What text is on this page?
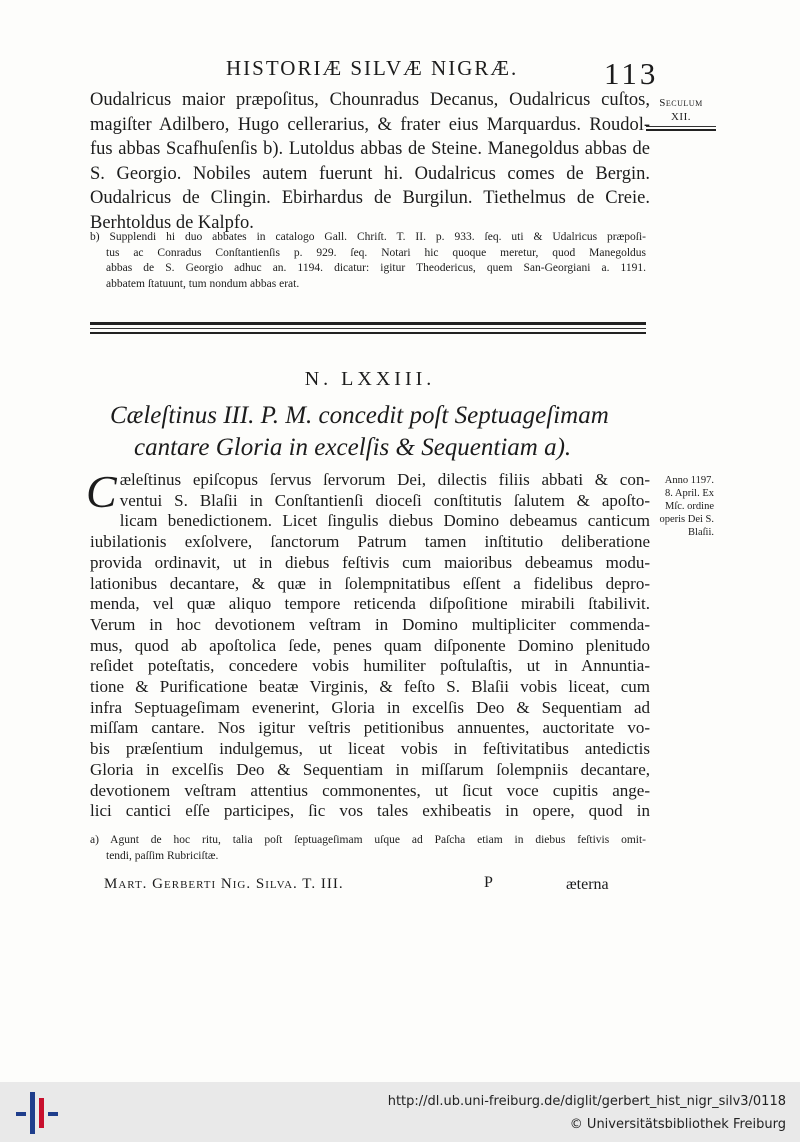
HISTORIÆ SILVÆ NIGRÆ.	113
Seculum
XII.
Oudalricus maior præpoſitus, Chounradus Decanus, Oudalricus cuſtos,
magiſter Adilbero, Hugo cellerarius, & frater eius Marquardus. Roudol-
fus abbas Scafhuſenſis b). Lutoldus abbas de Steine. Manegoldus abbas de
S. Georgio. Nobiles autem fuerunt hi. Oudalricus comes de Bergin.
Oudalricus de Clingin. Ebirhardus de Burgilun. Tiethelmus de Creie.
Berhtoldus de Kalpfo.
b) Supplendi hi duo abbates in catalogo Gall. Chriſt. T. II. p. 933. ſeq. uti & Udalricus præpoſi-
tus ac Conradus Conſtantienſis p. 929. ſeq. Notari hic quoque meretur, quod Manegoldus
abbas de S. Georgio adhuc an. 1194. dicatur: igitur Theodericus, quem San-Georgiani a. 1191.
abbatem ſtatuunt, tum nondum abbas erat.
N. LXXIII.
Cæleſtinus III. P. M. concedit poſt Septuageſimam
cantare Gloria in excelſis & Sequentiam a).
C æleſtinus epiſcopus ſervus ſervorum Dei, dilectis filiis abbati & con-
ventui S. Blaſii in Conſtantienſi dioceſi conſtitutis ſalutem & apoſto-
licam benedictionem. Licet ſingulis diebus Domino debeamus canticum
iubilationis exſolvere, ſanctorum Patrum tamen inſtitutio deliberatione
provida ordinavit, ut in diebus feſtivis cum maioribus debeamus modu-
lationibus decantare, & quæ in ſolempnitatibus eſſent a fidelibus depro-
menda, vel quæ aliquo tempore reticenda diſpoſitione mirabili ſtabilivit.
Verum in hoc devotionem veſtram in Domino multipliciter commenda-
mus, quod ab apoſtolica ſede, penes quam diſponente Domino plenitudo
reſidet poteſtatis, concedere vobis humiliter poſtulaſtis, ut in Annuntia-
tione & Purificatione beatæ Virginis, & feſto S. Blaſii vobis liceat, cum
infra Septuageſimam evenerint, Gloria in excelſis Deo & Sequentiam ad
miſſam cantare. Nos igitur veſtris petitionibus annuentes, auctoritate vo-
bis præſentium indulgemus, ut liceat vobis in feſtivitatibus antedictis
Gloria in excelſis Deo & Sequentiam in miſſarum ſolempniis decantare,
devotionem veſtram attentius commonentes, ut ſicut voce cupitis ange-
lici cantici eſſe participes, ſic vos tales exhibeatis in opere, quod in
Anno 1197.
8. April. Ex
Mſc. ordine
operis Dei S.
Blaſii.
a) Agunt de hoc ritu, talia poſt ſeptuageſimam uſque ad Paſcha etiam in diebus feſtivis omit-
tendi, paſſim Rubriciſtæ.
Mart. Gerberti Nig. Silva. T. III.	P	æterna
http://dl.ub.uni-freiburg.de/diglit/gerbert_hist_nigr_silv3/0118
© Universitätsbibliothek Freiburg
